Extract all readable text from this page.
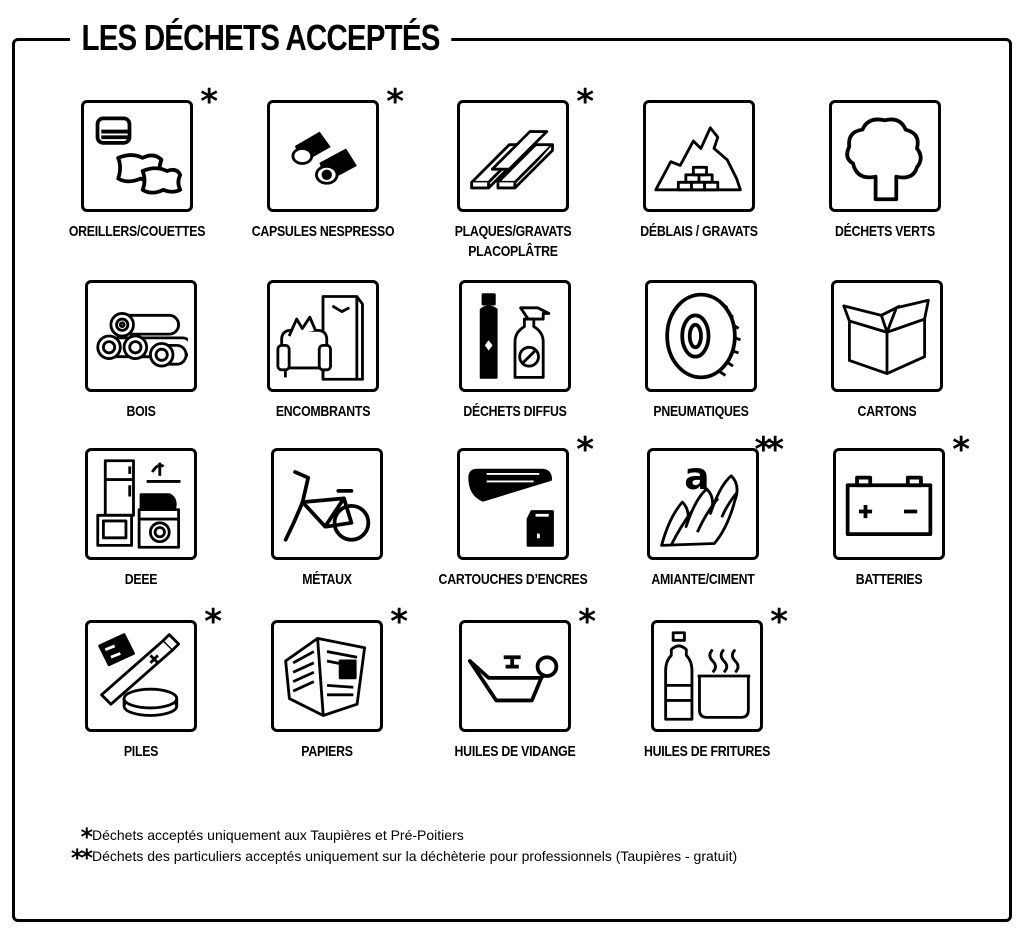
LES DÉCHETS ACCEPTÉS
*
OREILLERS/COUETTES
*
CAPSULES NESPRESSO
*
PLAQUES/GRAVATS
PLACOPLÂTRE
DÉBLAIS / GRAVATS	DÉCHETS VERTS
BOIS	ENCOMBRANTS	DÉCHETS DIFFUS	PNEUMATIQUES	CARTONS
DEEE	MÉTAUX
*
CARTOUCHES D’ENCRES
a
**
AMIANTE/CIMENT
*
BATTERIES
*
PILES
*
PAPIERS
*
HUILES DE VIDANGE
*
HUILES DE FRITURES
* Déchets acceptés uniquement aux Taupières et Pré-Poitiers
** Déchets des particuliers acceptés uniquement sur la déchèterie pour professionnels (Taupières - gratuit)
